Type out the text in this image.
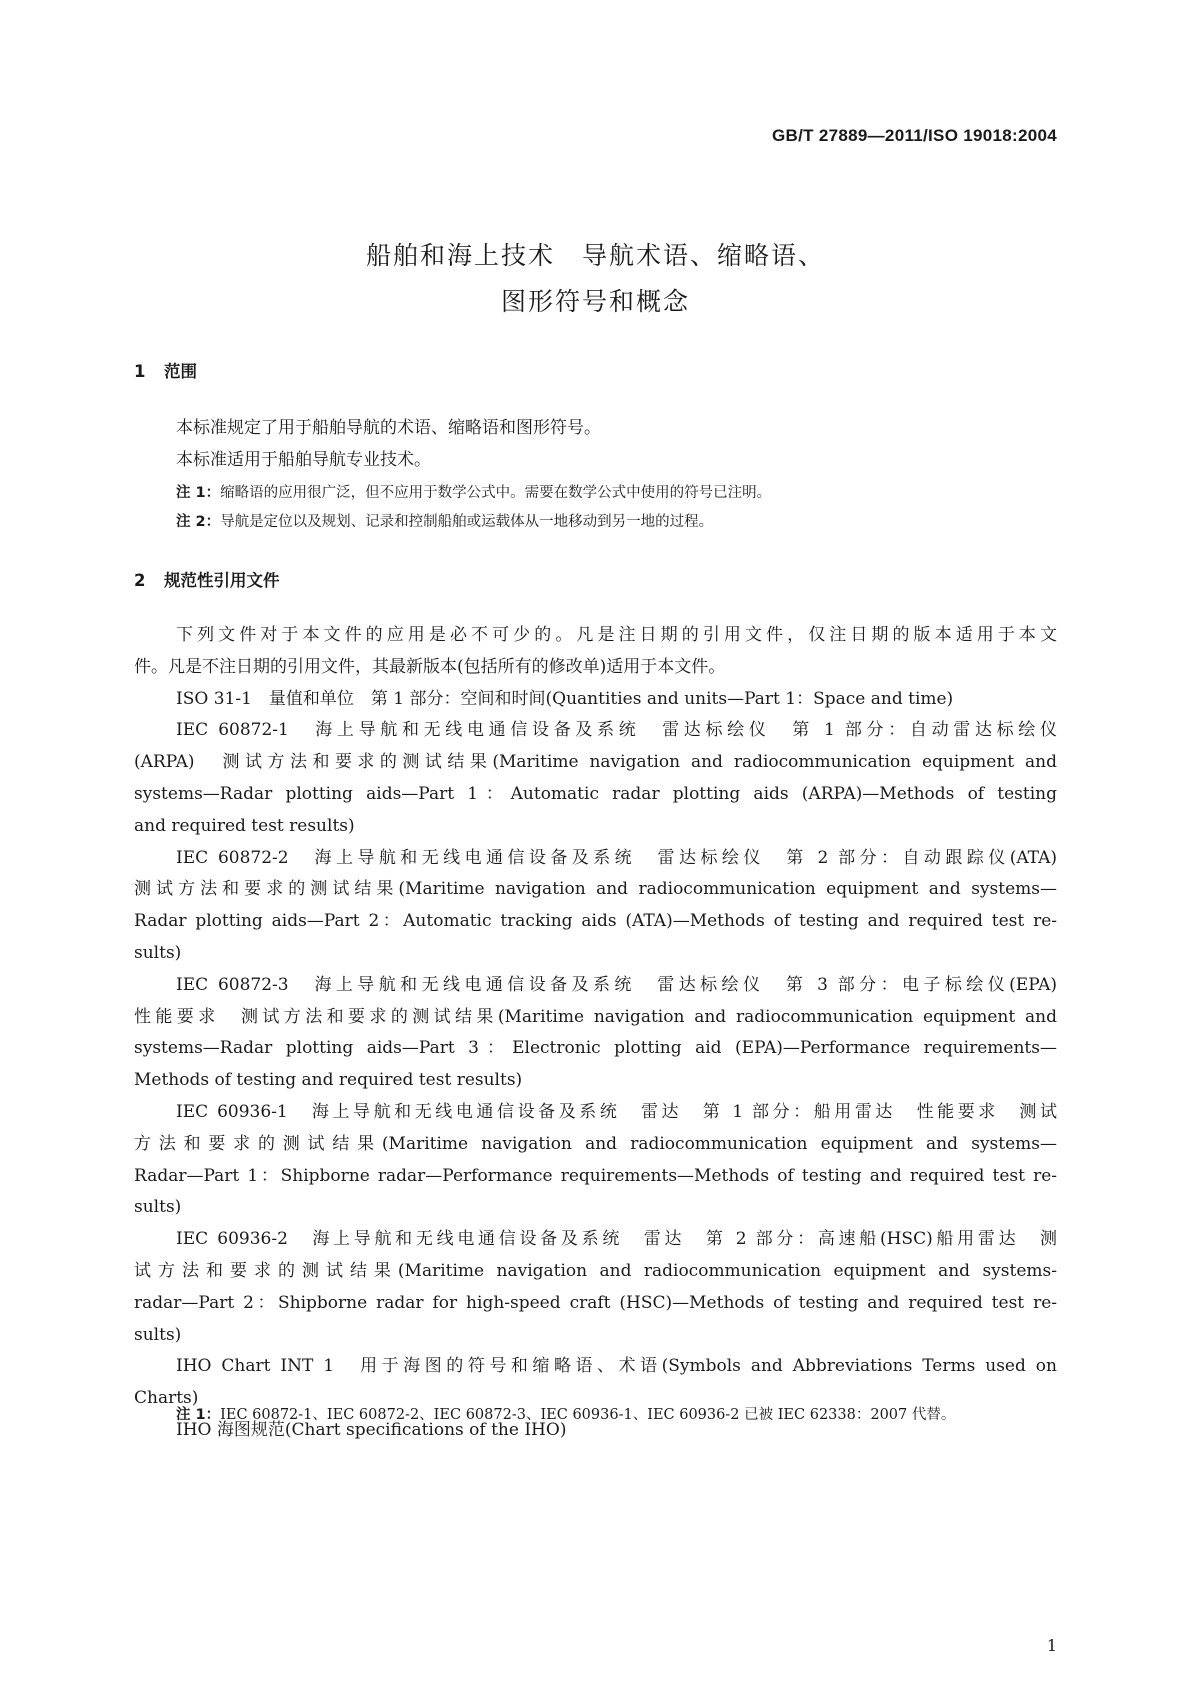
GB/T 27889—2011/ISO 19018:2004
船舶和海上技术　导航术语、缩略语、
图形符号和概念
1 范围
本标准规定了用于船舶导航的术语、缩略语和图形符号。
本标准适用于船舶导航专业技术。
注 1：缩略语的应用很广泛，但不应用于数学公式中。需要在数学公式中使用的符号已注明。
注 2：导航是定位以及规划、记录和控制船舶或运载体从一地移动到另一地的过程。
2 规范性引用文件
下列文件对于本文件的应用是必不可少的。凡是注日期的引用文件，仅注日期的版本适用于本文
件。凡是不注日期的引用文件，其最新版本(包括所有的修改单)适用于本文件。
ISO 31-1　量值和单位　第 1 部分：空间和时间(Quantities and units—Part 1：Space and time)
IEC 60872-1　海上导航和无线电通信设备及系统　雷达标绘仪　第 1 部分：自动雷达标绘仪
(ARPA)　测试方法和要求的测试结果(Maritime navigation and radiocommunication equipment and
systems—Radar plotting aids—Part 1：Automatic radar plotting aids (ARPA)—Methods of testing
and required test results)
IEC 60872-2　海上导航和无线电通信设备及系统　雷达标绘仪　第 2 部分：自动跟踪仪(ATA)
测试方法和要求的测试结果(Maritime navigation and radiocommunication equipment and systems—
Radar plotting aids—Part 2：Automatic tracking aids (ATA)—Methods of testing and required test re-
sults)
IEC 60872-3　海上导航和无线电通信设备及系统　雷达标绘仪　第 3 部分：电子标绘仪(EPA)
性能要求　测试方法和要求的测试结果(Maritime navigation and radiocommunication equipment and
systems—Radar plotting aids—Part 3：Electronic plotting aid (EPA)—Performance requirements—
Methods of testing and required test results)
IEC 60936-1　海上导航和无线电通信设备及系统　雷达　第 1 部分：船用雷达　性能要求　测试
方法和要求的测试结果(Maritime navigation and radiocommunication equipment and systems—
Radar—Part 1：Shipborne radar—Performance requirements—Methods of testing and required test re-
sults)
IEC 60936-2　海上导航和无线电通信设备及系统　雷达　第 2 部分：高速船(HSC)船用雷达　测
试方法和要求的测试结果(Maritime navigation and radiocommunication equipment and systems-
radar—Part 2：Shipborne radar for high-speed craft (HSC)—Methods of testing and required test re-
sults)
IHO Chart INT 1　用于海图的符号和缩略语、术语(Symbols and Abbreviations Terms used on
Charts)
IHO 海图规范(Chart specifications of the IHO)
注 1：IEC 60872-1、IEC 60872-2、IEC 60872-3、IEC 60936-1、IEC 60936-2 已被 IEC 62338：2007 代替。
1
